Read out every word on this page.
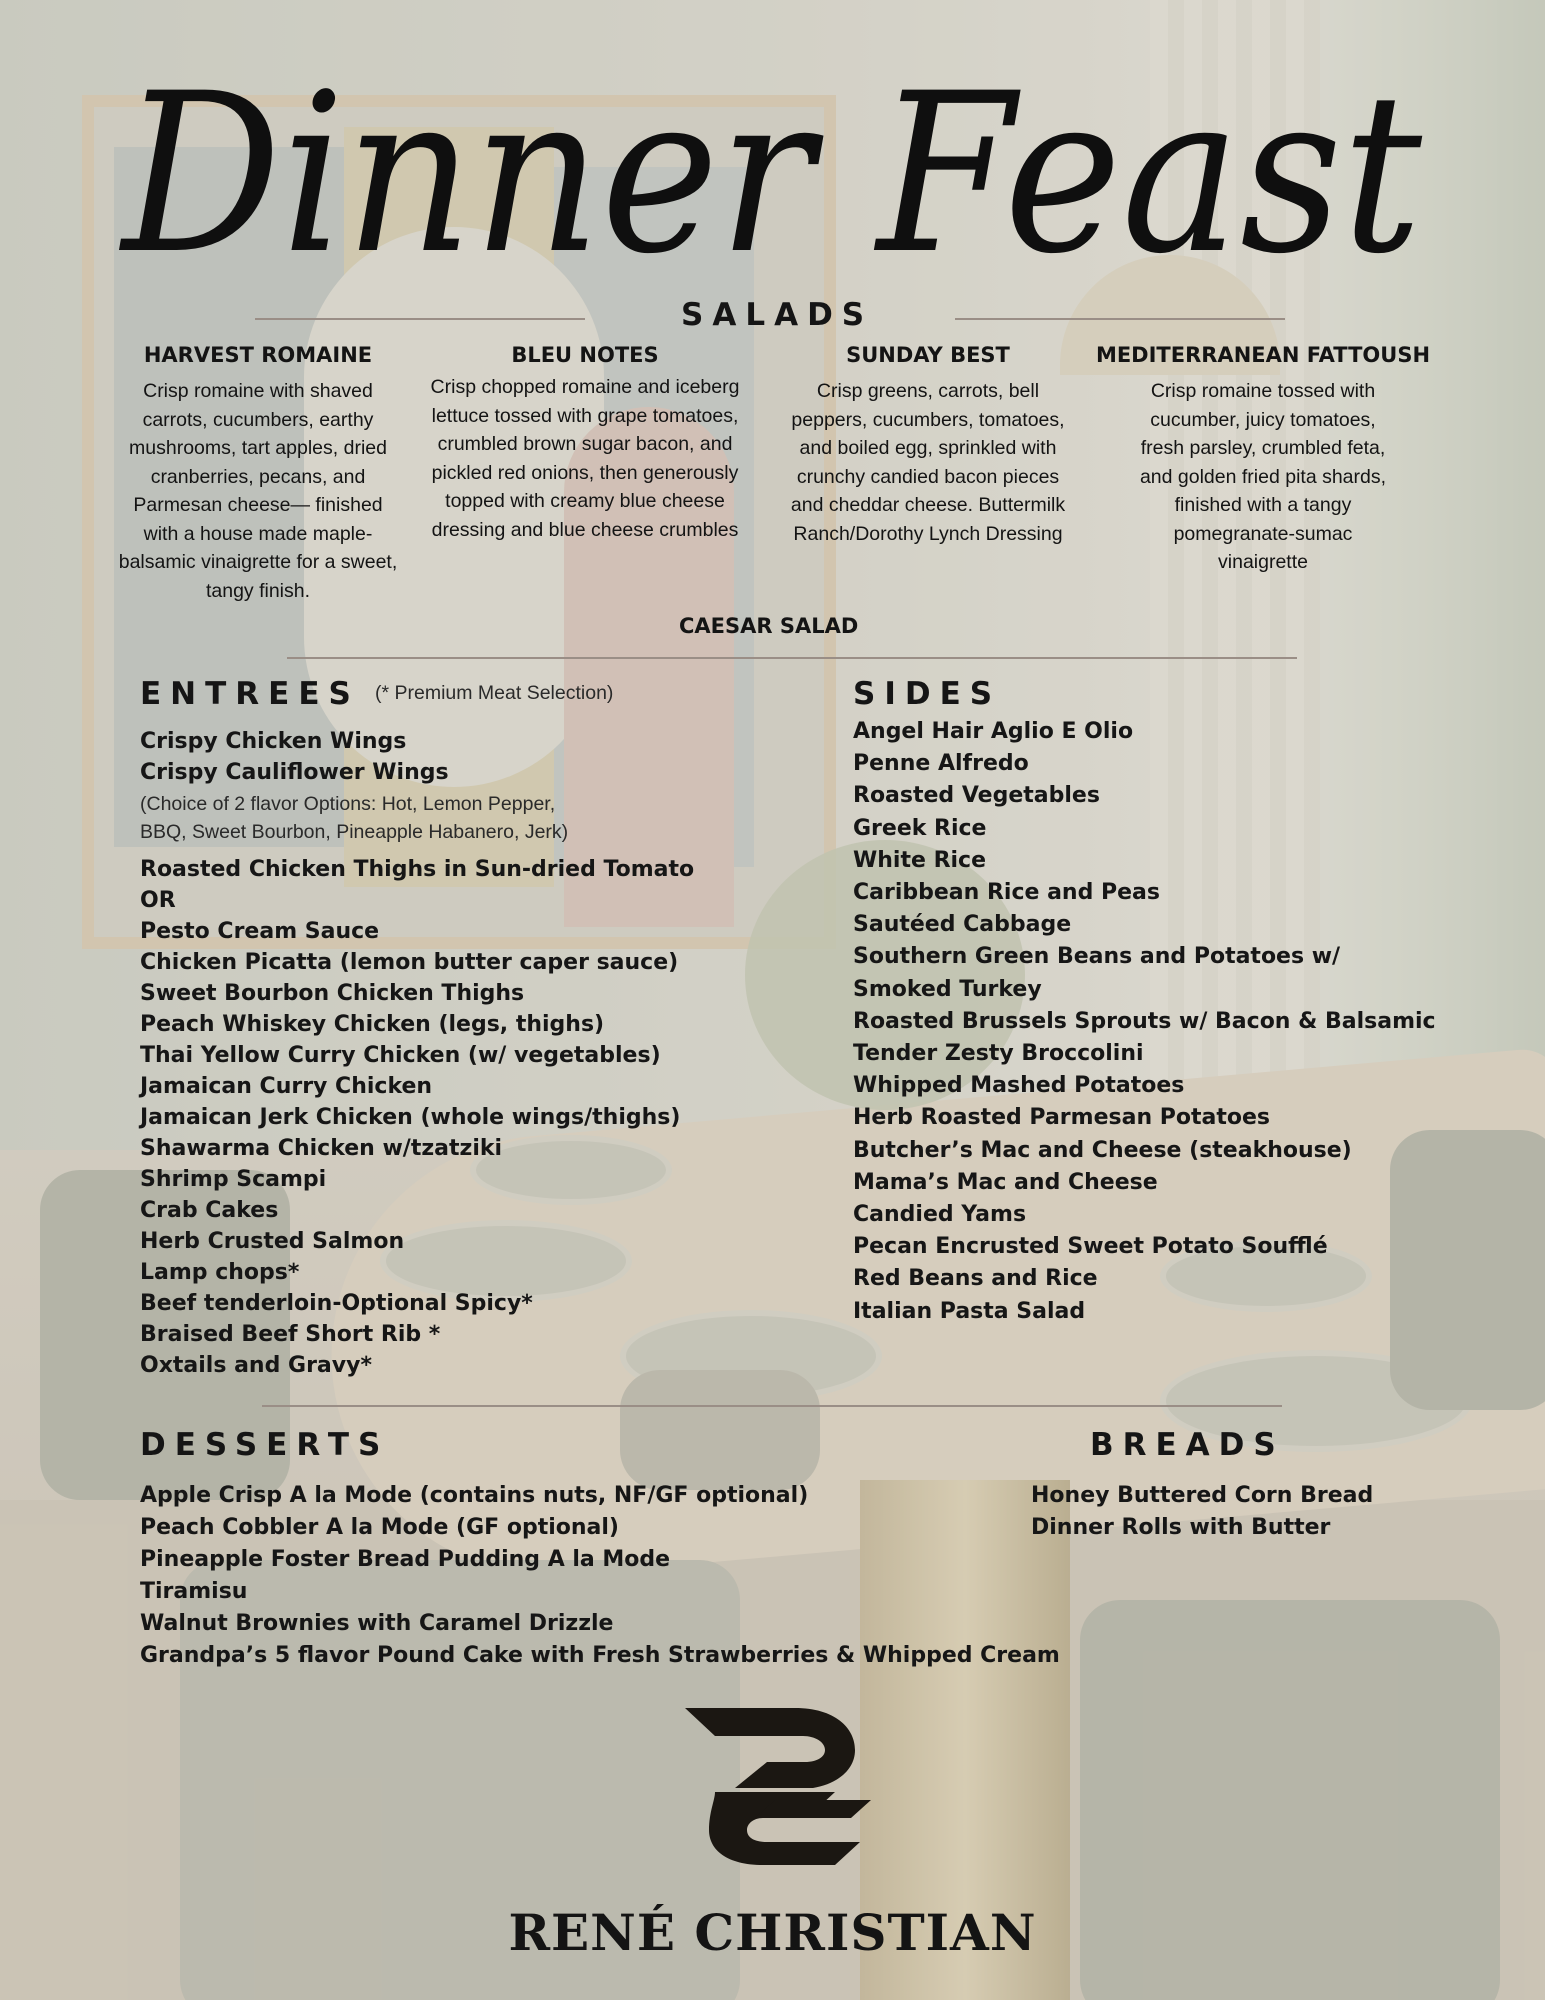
Dinner Feast
SALADS
HARVEST ROMAINE
Crisp romaine with shaved carrots, cucumbers, earthy mushrooms, tart apples, dried cranberries, pecans, and Parmesan cheese— finished with a house made maple-balsamic vinaigrette for a sweet, tangy finish.
BLEU NOTES
Crisp chopped romaine and iceberg lettuce tossed with grape tomatoes, crumbled brown sugar bacon, and pickled red onions, then generously topped with creamy blue cheese dressing and blue cheese crumbles
SUNDAY BEST
Crisp greens, carrots, bell peppers, cucumbers, tomatoes, and boiled egg, sprinkled with crunchy candied bacon pieces and cheddar cheese. Buttermilk Ranch/Dorothy Lynch Dressing
MEDITERRANEAN FATTOUSH
Crisp romaine tossed with cucumber, juicy tomatoes, fresh parsley, crumbled feta, and golden fried pita shards, finished with a tangy pomegranate-sumac vinaigrette
CAESAR SALAD
ENTREES (* Premium Meat Selection)
Crispy Chicken Wings
Crispy Cauliflower Wings
(Choice of 2 flavor Options: Hot, Lemon Pepper,
BBQ, Sweet Bourbon, Pineapple Habanero, Jerk)
Roasted Chicken Thighs in Sun-dried Tomato
OR
Pesto Cream Sauce
Chicken Picatta (lemon butter caper sauce)
Sweet Bourbon Chicken Thighs
Peach Whiskey Chicken (legs, thighs)
Thai Yellow Curry Chicken (w/ vegetables)
Jamaican Curry Chicken
Jamaican Jerk Chicken (whole wings/thighs)
Shawarma Chicken w/tzatziki
Shrimp Scampi
Crab Cakes
Herb Crusted Salmon
Lamp chops*
Beef tenderloin-Optional Spicy*
Braised Beef Short Rib *
Oxtails and Gravy*
SIDES
Angel Hair Aglio E Olio
Penne Alfredo
Roasted Vegetables
Greek Rice
White Rice
Caribbean Rice and Peas
Sautéed Cabbage
Southern Green Beans and Potatoes w/
Smoked Turkey
Roasted Brussels Sprouts w/ Bacon & Balsamic
Tender Zesty Broccolini
Whipped Mashed Potatoes
Herb Roasted Parmesan Potatoes
Butcher’s Mac and Cheese (steakhouse)
Mama’s Mac and Cheese
Candied Yams
Pecan Encrusted Sweet Potato Soufflé
Red Beans and Rice
Italian Pasta Salad
DESSERTS
Apple Crisp A la Mode (contains nuts, NF/GF optional)
Peach Cobbler A la Mode (GF optional)
Pineapple Foster Bread Pudding A la Mode
Tiramisu
Walnut Brownies with Caramel Drizzle
Grandpa’s 5 flavor Pound Cake with Fresh Strawberries & Whipped Cream
BREADS
Honey Buttered Corn Bread
Dinner Rolls with Butter
RENÉ CHRISTIAN
